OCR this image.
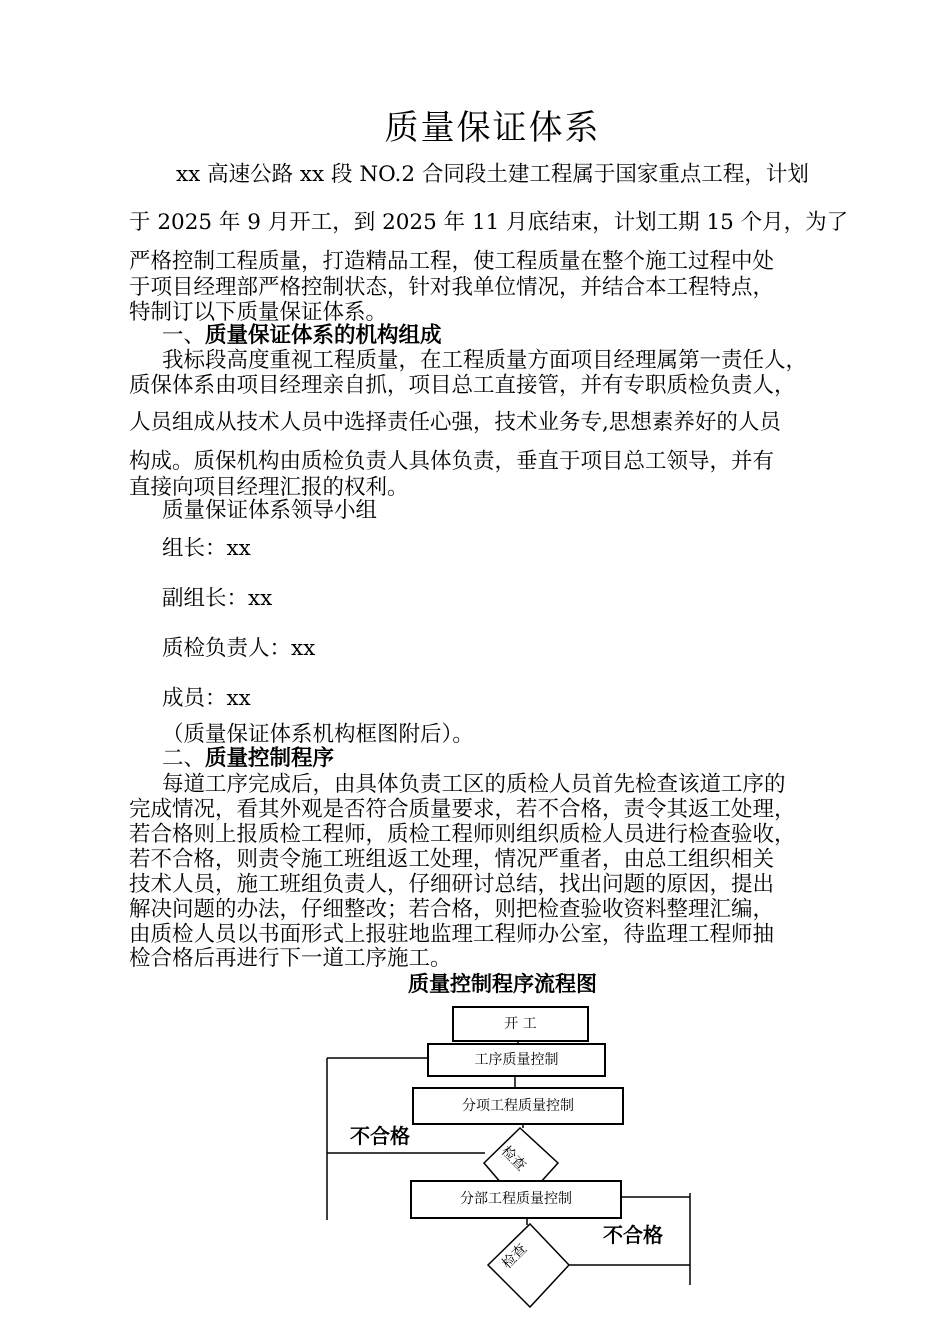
质量保证体系
xx 高速公路 xx 段 NO.2 合同段土建工程属于国家重点工程，计划
于 2025 年 9 月开工，到 2025 年 11 月底结束，计划工期 15 个月，为了
严格控制工程质量，打造精品工程，使工程质量在整个施工过程中处
于项目经理部严格控制状态，针对我单位情况，并结合本工程特点，
特制订以下质量保证体系。
一、质量保证体系的机构组成
我标段高度重视工程质量，在工程质量方面项目经理属第一责任人，
质保体系由项目经理亲自抓，项目总工直接管，并有专职质检负责人，
人员组成从技术人员中选择责任心强，技术业务专,思想素养好的人员
构成。质保机构由质检负责人具体负责，垂直于项目总工领导，并有
直接向项目经理汇报的权利。
质量保证体系领导小组
组长：xx
副组长：xx
质检负责人：xx
成员：xx
（质量保证体系机构框图附后）。
二、质量控制程序
每道工序完成后，由具体负责工区的质检人员首先检查该道工序的
完成情况，看其外观是否符合质量要求，若不合格，责令其返工处理，
若合格则上报质检工程师，质检工程师则组织质检人员进行检查验收，
若不合格，则责令施工班组返工处理，情况严重者，由总工组织相关
技术人员，施工班组负责人，仔细研讨总结，找出问题的原因，提出
解决问题的办法，仔细整改；若合格，则把检查验收资料整理汇编，
由质检人员以书面形式上报驻地监理工程师办公室，待监理工程师抽
检合格后再进行下一道工序施工。
质量控制程序流程图
开 工
工序质量控制
分项工程质量控制
检查
分部工程质量控制
检查
不合格
不合格
